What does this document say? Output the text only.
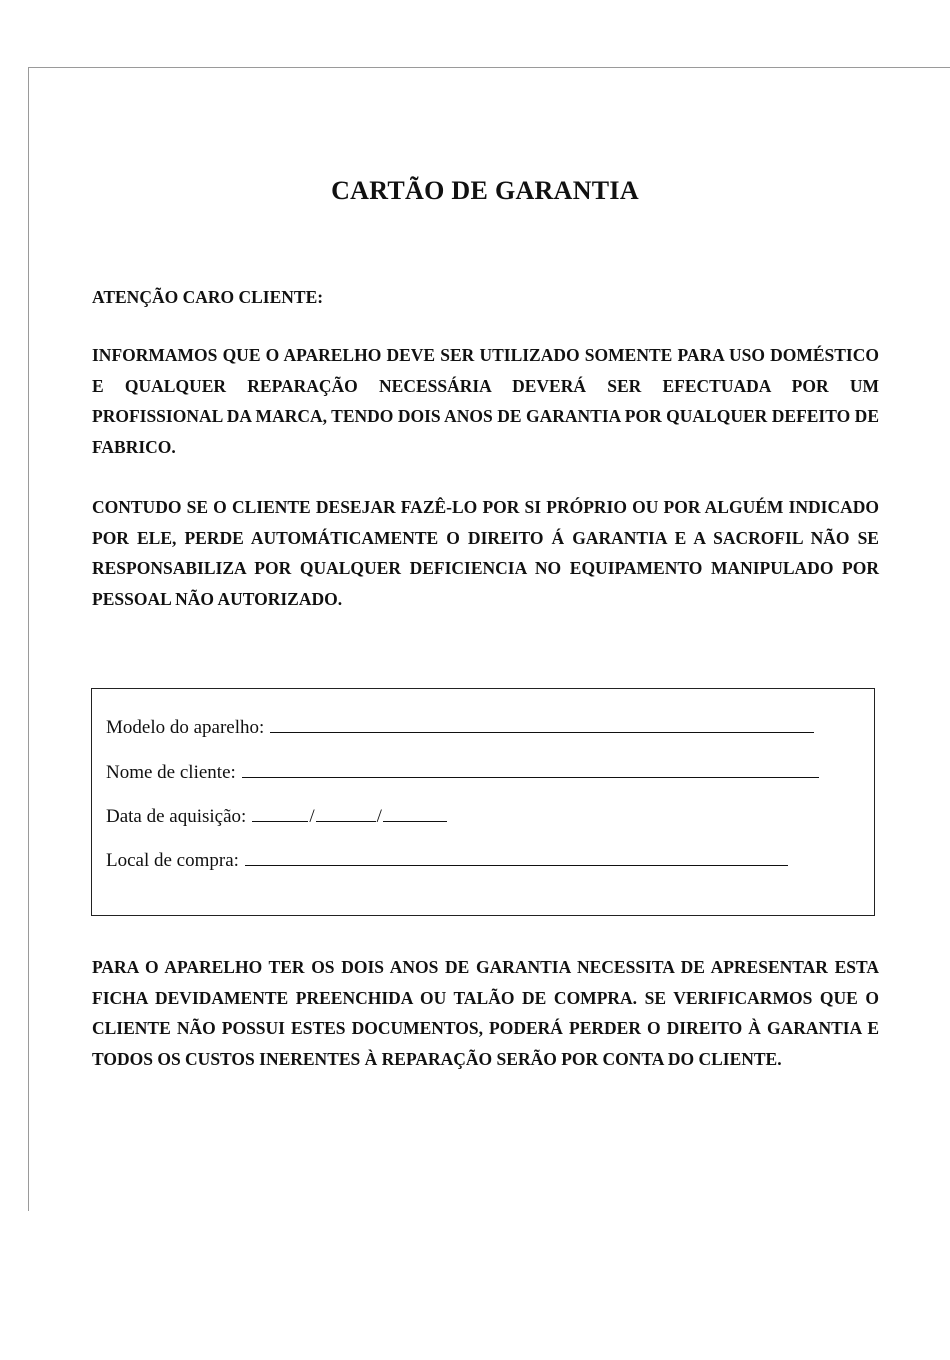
CARTÃO DE GARANTIA
ATENÇÃO CARO CLIENTE:
INFORMAMOS QUE O APARELHO DEVE SER UTILIZADO SOMENTE PARA USO DOMÉSTICO E QUALQUER REPARAÇÃO NECESSÁRIA DEVERÁ SER EFECTUADA POR UM PROFISSIONAL DA MARCA, TENDO DOIS ANOS DE GARANTIA POR QUALQUER DEFEITO DE FABRICO.
CONTUDO SE O CLIENTE DESEJAR FAZÊ-LO POR SI PRÓPRIO OU POR ALGUÉM INDICADO POR ELE, PERDE AUTOMÁTICAMENTE O DIREITO Á GARANTIA E A SACROFIL NÃO SE RESPONSABILIZA POR QUALQUER DEFICIENCIA NO EQUIPAMENTO MANIPULADO POR PESSOAL NÃO AUTORIZADO.
Modelo do aparelho:
Nome de cliente:
Data de aquisição:	/	/
Local de compra:
PARA O APARELHO TER OS DOIS ANOS DE GARANTIA NECESSITA DE APRESENTAR ESTA FICHA DEVIDAMENTE PREENCHIDA OU TALÃO DE COMPRA. SE VERIFICARMOS QUE O CLIENTE NÃO POSSUI ESTES DOCUMENTOS, PODERÁ PERDER O DIREITO À GARANTIA E TODOS OS CUSTOS INERENTES À REPARAÇÃO SERÃO POR CONTA DO CLIENTE.
